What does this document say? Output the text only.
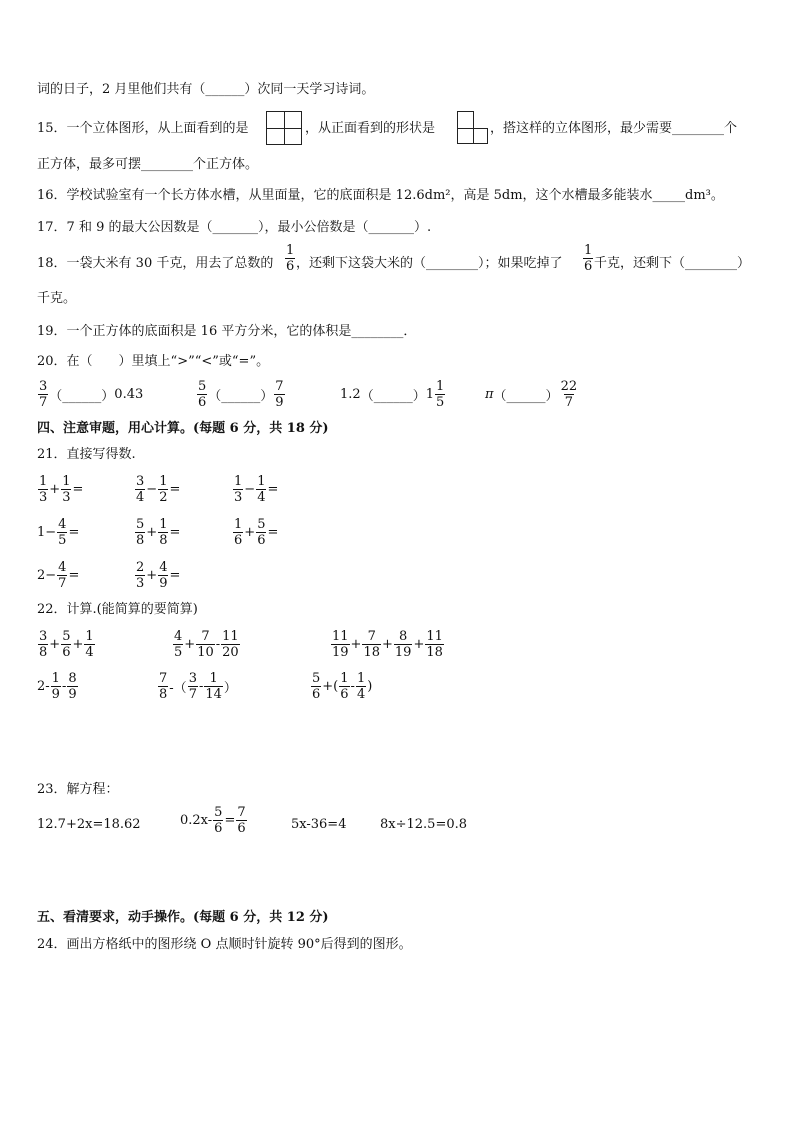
词的日子，2 月里他们共有（______）次同一天学习诗词。
15．一个立体图形，从上面看到的是	，从正面看到的形状是	，搭这样的立体图形，最少需要________个
正方体，最多可摆________个正方体。
16．学校试验室有一个长方体水槽，从里面量，它的底面积是 12.6dm²，高是 5dm，这个水槽最多能装水_____dm³。
17．7 和 9 的最大公因数是（_______），最小公倍数是（_______）.
18．一袋大米有 30 千克，用去了总数的 $\frac{1}{6}$ ，还剩下这袋大米的（________）；如果吃掉了 $\frac{1}{6}$ 千克，还剩下（________）
千克。
19．一个正方体的底面积是 16 平方分米，它的体积是________．
20．在（　　）里填上“>”“<”或“=”。
$\frac{3}{7}$ （______） 0.43	$\frac{5}{6}$ （______） $\frac{7}{9}$	1.2 （______） $1 \frac{1}{5}$	π （______） $\frac{22}{7}$
四、注意审题，用心计算。(每题 6 分，共 18 分)
21．直接写得数.
$\frac{1}{3} + \frac{1}{3}$ =	$\frac{3}{4} - \frac{1}{2}$ =	$\frac{1}{3} - \frac{1}{4}$ =
$1- \frac{4}{5}$ =	$\frac{5}{8} + \frac{1}{8}$ =	$\frac{1}{6} + \frac{5}{6}$ =
$2- \frac{4}{7}$ =	$\frac{2}{3} + \frac{4}{9}$ =
22．计算.(能简算的要简算)
$\frac{3}{8} + \frac{5}{6} + \frac{1}{4}$	$\frac{4}{5} + \frac{7}{10} - \frac{11}{20}$	$\frac{11}{19} + \frac{7}{18} + \frac{8}{19} + \frac{11}{18}$
$2- \frac{1}{9} - \frac{8}{9}$	$\frac{7}{8}$ -（ $\frac{3}{7} - \frac{1}{14}$ ）	$\frac{5}{6}$ +( $\frac{1}{6} - \frac{1}{4}$ )
23．解方程：
12.7+2x=18.62	$0.2x- \frac{5}{6} = \frac{7}{6}$	5x-36=4	8x÷12.5=0.8
五、看清要求，动手操作。(每题 6 分，共 12 分)
24．画出方格纸中的图形绕 O 点顺时针旋转 90°后得到的图形。
